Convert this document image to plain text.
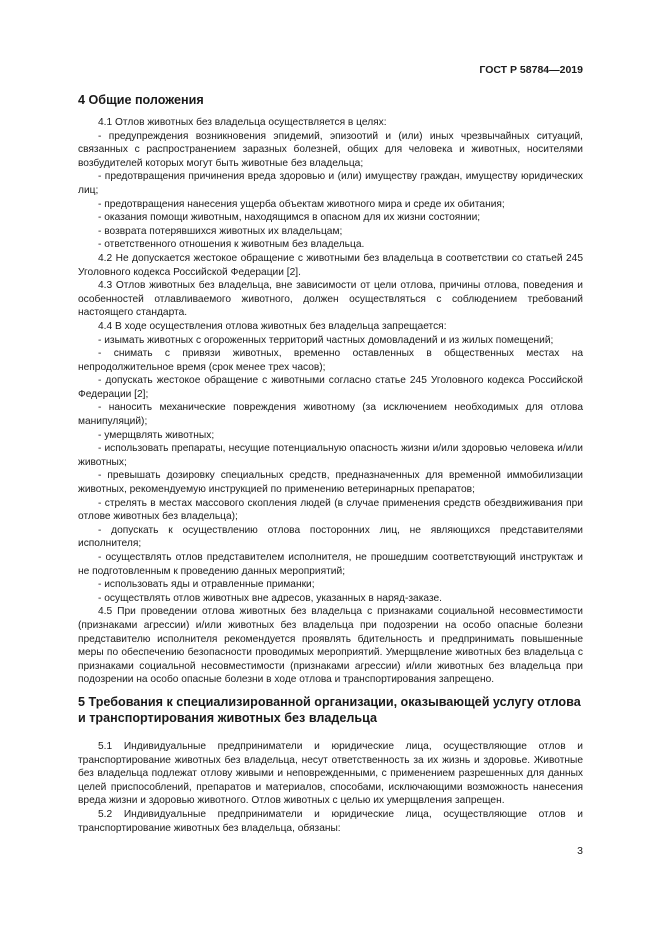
ГОСТ Р 58784—2019
4 Общие положения

4.1 Отлов животных без владельца осуществляется в целях:

- предупреждения возникновения эпидемий, эпизоотий и (или) иных чрезвычайных ситуаций, связанных с распространением заразных болезней, общих для человека и животных, носителями возбудителей которых могут быть животные без владельца;

- предотвращения причинения вреда здоровью и (или) имуществу граждан, имуществу юридических лиц;

- предотвращения нанесения ущерба объектам животного мира и среде их обитания;

- оказания помощи животным, находящимся в опасном для их жизни состоянии;

- возврата потерявшихся животных их владельцам;

- ответственного отношения к животным без владельца.

4.2 Не допускается жестокое обращение с животными без владельца в соответствии со статьей 245 Уголовного кодекса Российской Федерации [2].

4.3 Отлов животных без владельца, вне зависимости от цели отлова, причины отлова, поведения и особенностей отлавливаемого животного, должен осуществляться с соблюдением требований настоящего стандарта.

4.4 В ходе осуществления отлова животных без владельца запрещается:

- изымать животных с огороженных территорий частных домовладений и из жилых помещений;

- снимать с привязи животных, временно оставленных в общественных местах на непродолжительное время (срок менее трех часов);

- допускать жестокое обращение с животными согласно статье 245 Уголовного кодекса Российской Федерации [2];

- наносить механические повреждения животному (за исключением необходимых для отлова манипуляций);

- умерщвлять животных;

- использовать препараты, несущие потенциальную опасность жизни и/или здоровью человека и/или животных;

- превышать дозировку специальных средств, предназначенных для временной иммобилизации животных, рекомендуемую инструкцией по применению ветеринарных препаратов;

- стрелять в местах массового скопления людей (в случае применения средств обездвиживания при отлове животных без владельца);

- допускать к осуществлению отлова посторонних лиц, не являющихся представителями исполнителя;

- осуществлять отлов представителем исполнителя, не прошедшим соответствующий инструктаж и не подготовленным к проведению данных мероприятий;

- использовать яды и отравленные приманки;

- осуществлять отлов животных вне адресов, указанных в наряд-заказе.

4.5 При проведении отлова животных без владельца с признаками социальной несовместимости (признаками агрессии) и/или животных без владельца при подозрении на особо опасные болезни представителю исполнителя рекомендуется проявлять бдительность и предпринимать повышенные меры по обеспечению безопасности проводимых мероприятий. Умерщвление животных без владельца с признаками социальной несовместимости (признаками агрессии) и/или животных без владельца при подозрении на особо опасные болезни в ходе отлова и транспортирования запрещено.

5 Требования к специализированной организации, оказывающей услугу отлова и транспортирования животных без владельца

5.1 Индивидуальные предприниматели и юридические лица, осуществляющие отлов и транспортирование животных без владельца, несут ответственность за их жизнь и здоровье. Животные без владельца подлежат отлову живыми и неповрежденными, с применением разрешенных для данных целей приспособлений, препаратов и материалов, способами, исключающими возможность нанесения вреда жизни и здоровью животного. Отлов животных с целью их умерщвления запрещен.

5.2 Индивидуальные предприниматели и юридические лица, осуществляющие отлов и транспортирование животных без владельца, обязаны:

3
